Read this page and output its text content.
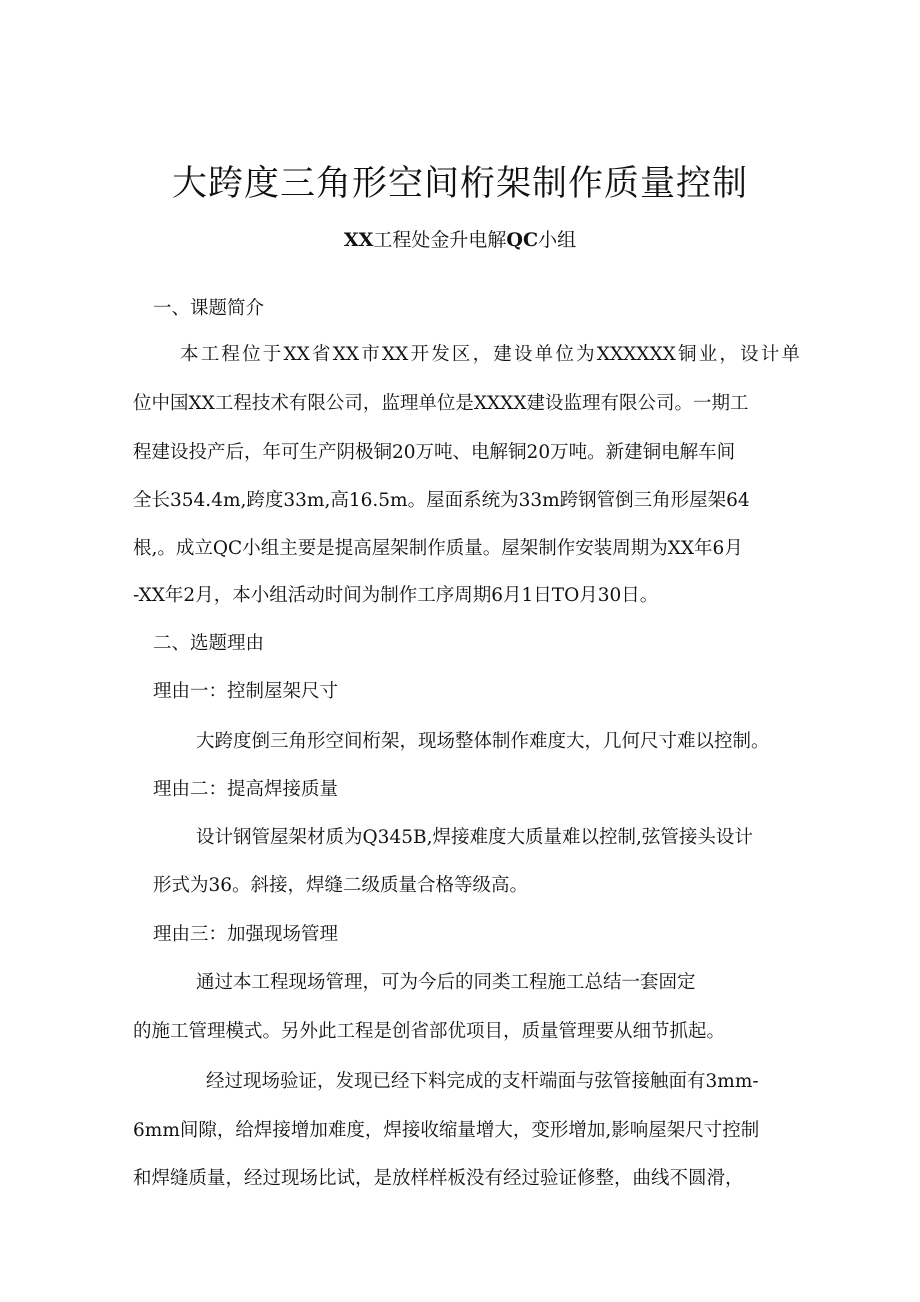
大跨度三角形空间桁架制作质量控制
XX工程处金升电解QC小组
一、课题简介
本工程位于XX省XX市XX开发区，建设单位为XXXXXX铜业，设计单
位中国XX工程技术有限公司，监理单位是XXXX建设监理有限公司。一期工
程建设投产后，年可生产阴极铜20万吨、电解铜20万吨。新建铜电解车间
全长354.4m,跨度33m,高16.5m。屋面系统为33m跨钢管倒三角形屋架64
根,。成立QC小组主要是提高屋架制作质量。屋架制作安装周期为XX年6月
-XX年2月，本小组活动时间为制作工序周期6月1日TO月30日。
二、选题理由
理由一：控制屋架尺寸
大跨度倒三角形空间桁架，现场整体制作难度大，几何尺寸难以控制。
理由二：提高焊接质量
设计钢管屋架材质为Q345B,焊接难度大质量难以控制,弦管接头设计
形式为36。斜接，焊缝二级质量合格等级高。
理由三：加强现场管理
通过本工程现场管理，可为今后的同类工程施工总结一套固定
的施工管理模式。另外此工程是创省部优项目，质量管理要从细节抓起。
经过现场验证，发现已经下料完成的支杆端面与弦管接触面有3mm-
6mm间隙，给焊接增加难度，焊接收缩量增大，变形增加,影响屋架尺寸控制
和焊缝质量，经过现场比试，是放样样板没有经过验证修整，曲线不圆滑，
